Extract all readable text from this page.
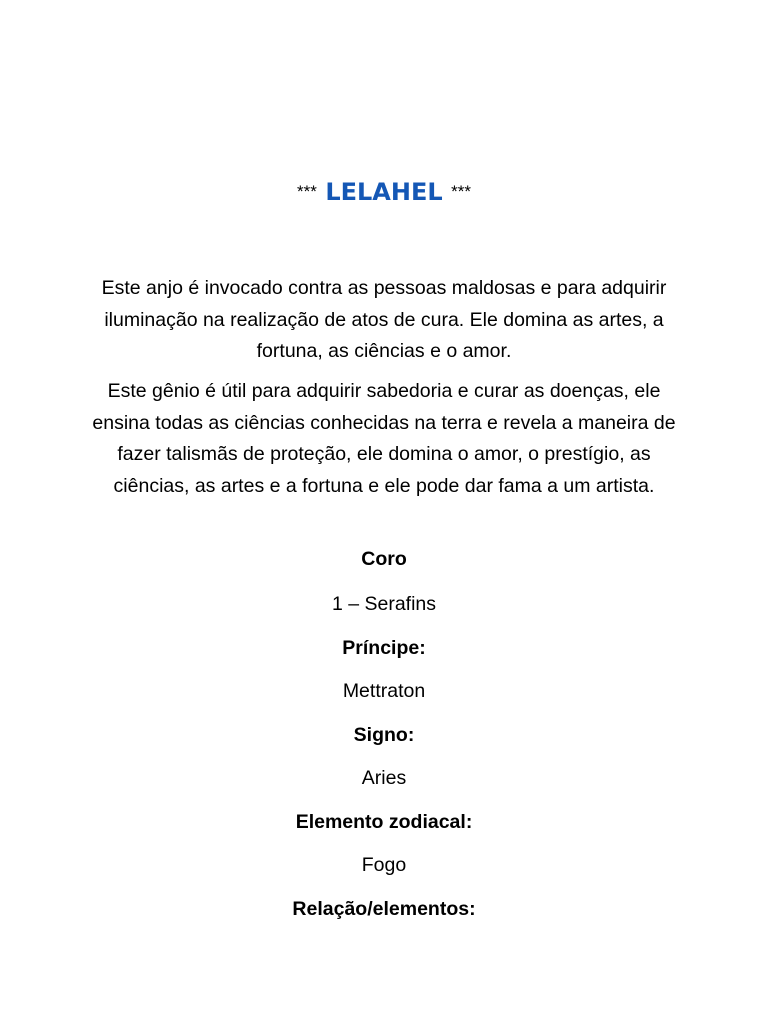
*** LELAHEL ***

Este anjo é invocado contra as pessoas maldosas e para adquirir iluminação na realização de atos de cura. Ele domina as artes, a fortuna, as ciências e o amor.

Este gênio é útil para adquirir sabedoria e curar as doenças, ele ensina todas as ciências conhecidas na terra e revela a maneira de fazer talismãs de proteção, ele domina o amor, o prestígio, as ciências, as artes e a fortuna e ele pode dar fama a um artista.

Coro

1 – Serafins

Príncipe:

Mettraton

Signo:

Aries

Elemento zodiacal:

Fogo

Relação/elementos:
